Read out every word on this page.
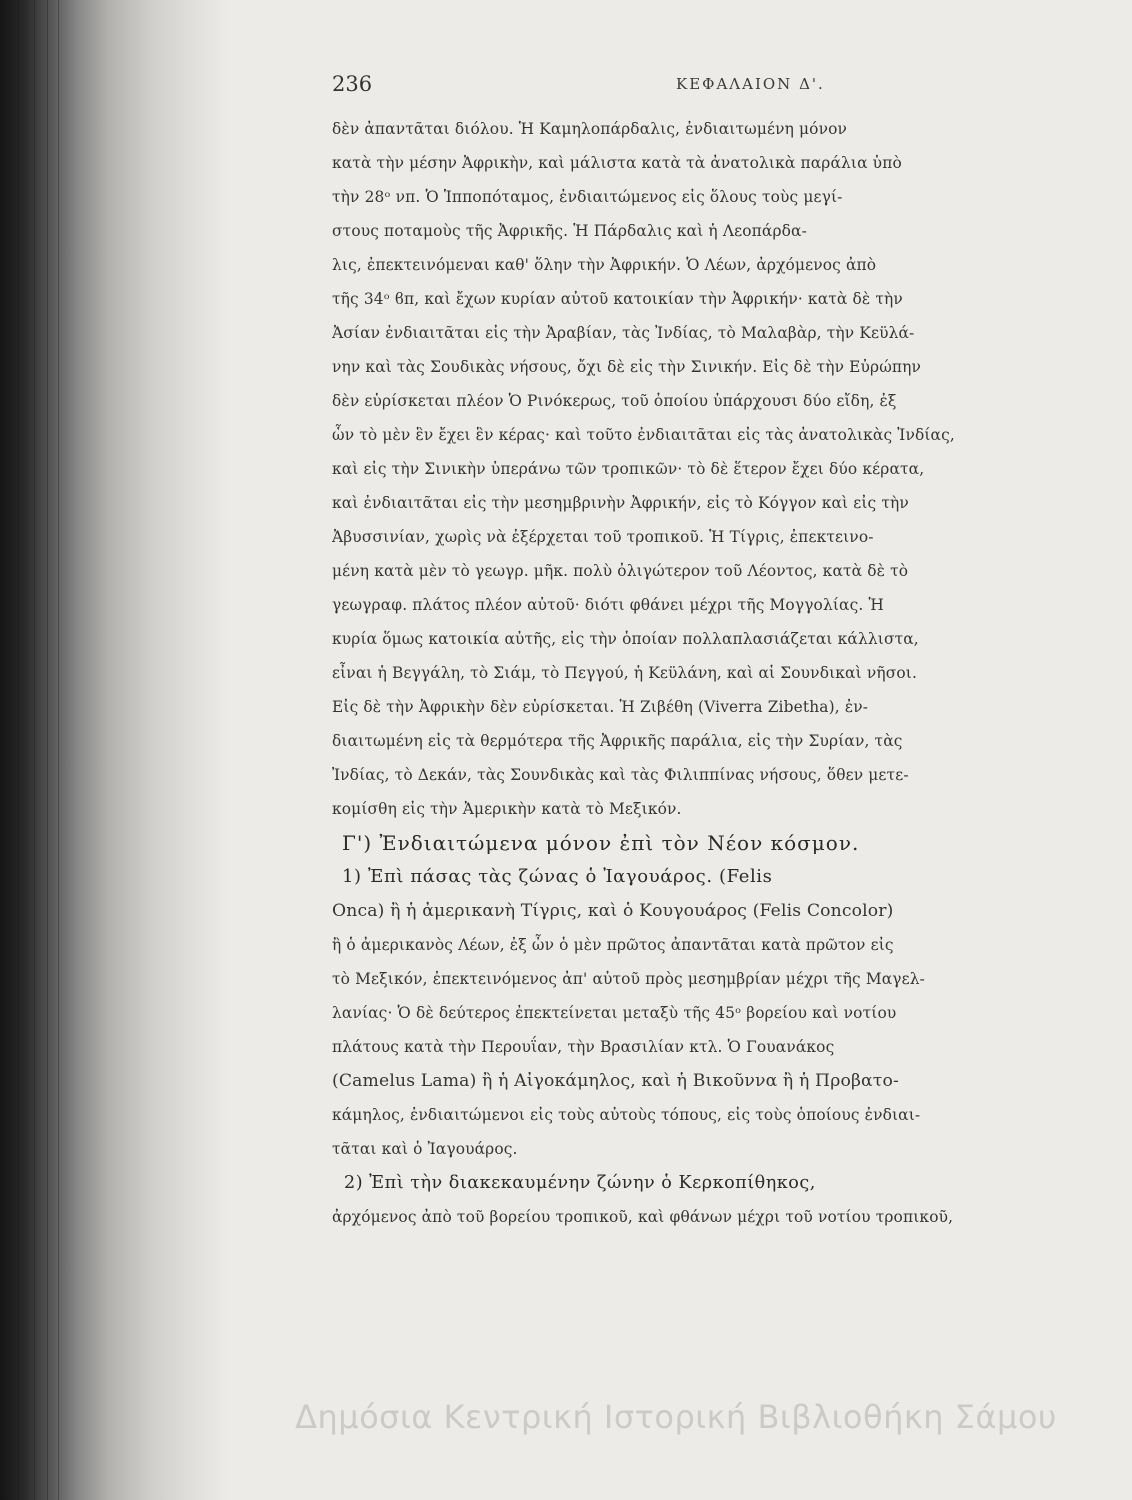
236	ΚΕΦΑΛΑΙΟΝ Δ'.
δὲν ἀπαντᾶται διόλου. Ἡ Καμηλοπάρδαλις, ἐνδιαιτωμένη μόνον
κατὰ τὴν μέσην Ἀφρικὴν, καὶ μάλιστα κατὰ τὰ ἀνατολικὰ παράλια ὑπὸ
τὴν 28ᵒ νπ. Ὁ Ἱπποπόταμος, ἐνδιαιτώμενος εἰς ὅλους τοὺς μεγί-
στους ποταμοὺς τῆς Ἀφρικῆς. Ἡ Πάρδαλις καὶ ἡ Λεοπάρδα-
λις, ἐπεκτεινόμεναι καθ' ὅλην τὴν Ἀφρικήν. Ὁ Λέων, ἀρχόμενος ἀπὸ
τῆς 34ᵒ ϐπ, καὶ ἔχων κυρίαν αὐτοῦ κατοικίαν τὴν Ἀφρικήν· κατὰ δὲ τὴν
Ἀσίαν ἐνδιαιτᾶται εἰς τὴν Ἀραβίαν, τὰς Ἰνδίας, τὸ Μαλαβὰρ, τὴν Κεϋλά-
νην καὶ τὰς Σουδικὰς νήσους, ὄχι δὲ εἰς τὴν Σινικήν. Εἰς δὲ τὴν Εὐρώπην
δὲν εὑρίσκεται πλέον Ὁ Ρινόκερως, τοῦ ὁποίου ὑπάρχουσι δύο εἴδη, ἐξ
ὧν τὸ μὲν ἓν ἔχει ἓν κέρας· καὶ τοῦτο ἐνδιαιτᾶται εἰς τὰς ἀνατολικὰς Ἰνδίας,
καὶ εἰς τὴν Σινικὴν ὑπεράνω τῶν τροπικῶν· τὸ δὲ ἕτερον ἔχει δύο κέρατα,
καὶ ἐνδιαιτᾶται εἰς τὴν μεσημβρινὴν Ἀφρικήν, εἰς τὸ Κόγγον καὶ εἰς τὴν
Ἀβυσσινίαν, χωρὶς νὰ ἐξέρχεται τοῦ τροπικοῦ. Ἡ Τίγρις, ἐπεκτεινο-
μένη κατὰ μὲν τὸ γεωγρ. μῆκ. πολὺ ὀλιγώτερον τοῦ Λέοντος, κατὰ δὲ τὸ
γεωγραφ. πλάτος πλέον αὐτοῦ· διότι φθάνει μέχρι τῆς Μογγολίας. Ἡ
κυρία ὅμως κατοικία αὐτῆς, εἰς τὴν ὁποίαν πολλαπλασιάζεται κάλλιστα,
εἶναι ἡ Βεγγάλη, τὸ Σιάμ, τὸ Πεγγού, ἡ Κεϋλάνη, καὶ αἱ Σουνδικαὶ νῆσοι.
Εἰς δὲ τὴν Ἀφρικὴν δὲν εὑρίσκεται. Ἡ Ζιβέθη (Viverra Zibetha), ἐν-
διαιτωμένη εἰς τὰ θερμότερα τῆς Ἀφρικῆς παράλια, εἰς τὴν Συρίαν, τὰς
Ἰνδίας, τὸ Δεκάν, τὰς Σουνδικὰς καὶ τὰς Φιλιππίνας νήσους, ὅθεν μετε-
κομίσθη εἰς τὴν Ἀμερικὴν κατὰ τὸ Μεξικόν.
Γ') Ἐνδιαιτώμενα μόνον ἐπὶ τὸν Νέον κόσμον.
1) Ἐπὶ πάσας τὰς ζώνας ὁ Ἰαγουάρος. (Felis
Onca) ἢ ἡ ἀμερικανὴ Τίγρις, καὶ ὁ Κουγουάρος (Felis Concolor)
ἢ ὁ ἀμερικανὸς Λέων, ἐξ ὧν ὁ μὲν πρῶτος ἀπαντᾶται κατὰ πρῶτον εἰς
τὸ Μεξικόν, ἐπεκτεινόμενος ἀπ' αὐτοῦ πρὸς μεσημβρίαν μέχρι τῆς Μαγελ-
λανίας· Ὁ δὲ δεύτερος ἐπεκτείνεται μεταξὺ τῆς 45ᵒ βορείου καὶ νοτίου
πλάτους κατὰ τὴν Περουΐαν, τὴν Βρασιλίαν κτλ. Ὁ Γουανάκος
(Camelus Lama) ἢ ἡ Αἰγοκάμηλος, καὶ ἡ Βικοῦννα ἢ ἡ Προβατο-
κάμηλος, ἐνδιαιτώμενοι εἰς τοὺς αὐτοὺς τόπους, εἰς τοὺς ὁποίους ἐνδιαι-
τᾶται καὶ ὁ Ἰαγουάρος.
2) Ἐπὶ τὴν διακεκαυμένην ζώνην ὁ Κερκοπίθηκος,
ἀρχόμενος ἀπὸ τοῦ βορείου τροπικοῦ, καὶ φθάνων μέχρι τοῦ νοτίου τροπικοῦ,
Δημόσια Κεντρική Ιστορική Βιβλιοθήκη Σάμου
